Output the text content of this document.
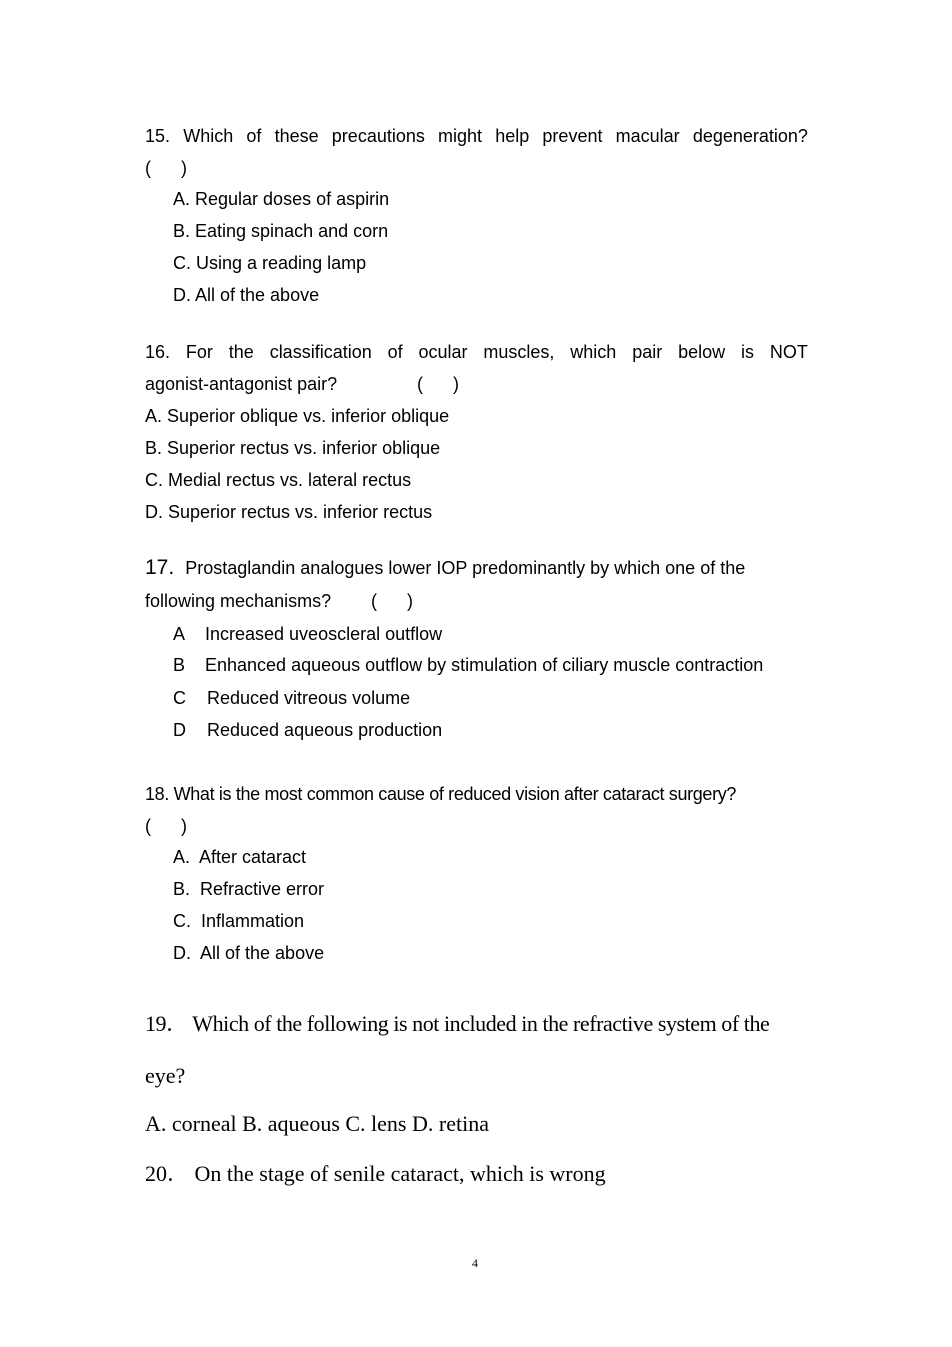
15. Which of these precautions might help prevent macular degeneration?
(      )
A. Regular doses of aspirin
B. Eating spinach and corn
C. Using a reading lamp
D. All of the above
16. For the classification of ocular muscles, which pair below is NOT
agonist-antagonist pair?	(      )
A. Superior oblique vs. inferior oblique
B. Superior rectus vs. inferior oblique
C. Medial rectus vs. lateral rectus
D. Superior rectus vs. inferior rectus
17. Prostaglandin analogues lower IOP predominantly by which one of the
following mechanisms? (      )
A Increased uveoscleral outflow
B Enhanced aqueous outflow by stimulation of ciliary muscle contraction
C Reduced vitreous volume
D Reduced aqueous production
18. What is the most common cause of reduced vision after cataract surgery?
(      )
A.  After cataract
B.  Refractive error
C.  Inflammation
D.  All of the above
19． Which of the following is not included in the refractive system of the
eye?
A. corneal B. aqueous C. lens D. retina
20． On the stage of senile cataract, which is wrong
4
